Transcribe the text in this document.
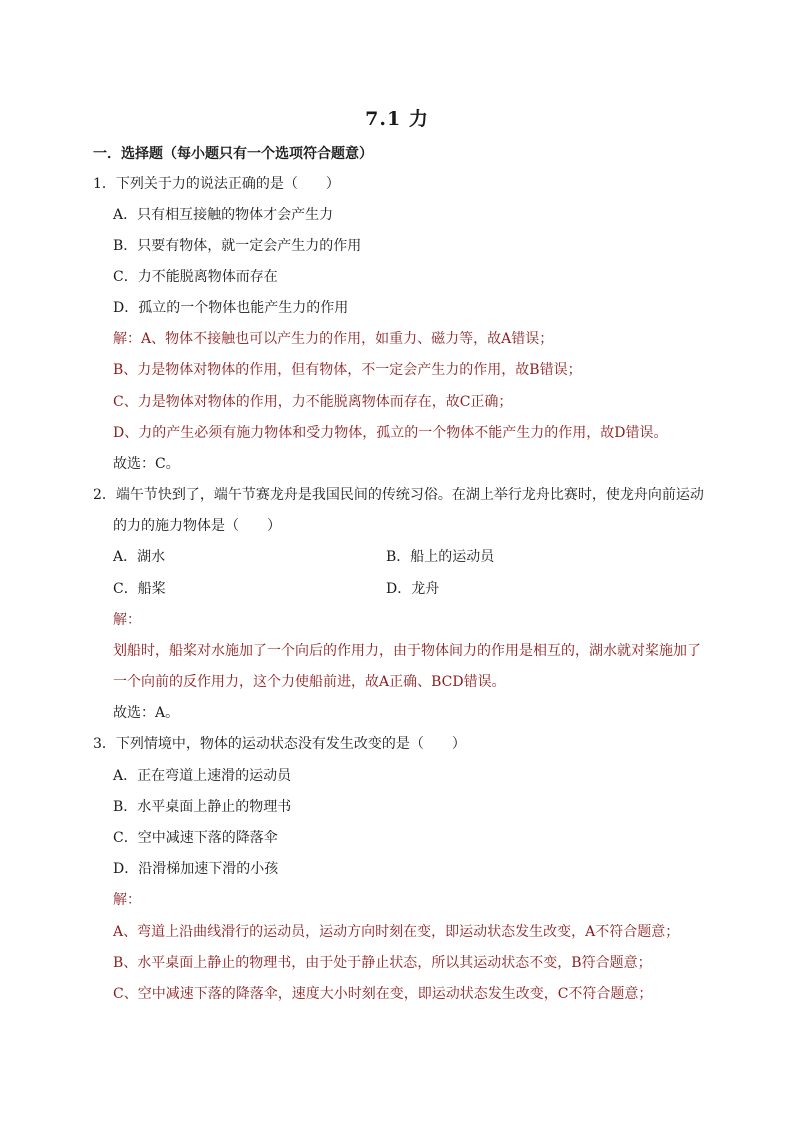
7.1 力
一．选择题（每小题只有一个选项符合题意）
1．下列关于力的说法正确的是（　　）
A．只有相互接触的物体才会产生力
B．只要有物体，就一定会产生力的作用
C．力不能脱离物体而存在
D．孤立的一个物体也能产生力的作用
解：A、物体不接触也可以产生力的作用，如重力、磁力等，故A错误；
B、力是物体对物体的作用，但有物体，不一定会产生力的作用，故B错误；
C、力是物体对物体的作用，力不能脱离物体而存在，故C正确；
D、力的产生必须有施力物体和受力物体，孤立的一个物体不能产生力的作用，故D错误。
故选：C。
2．端午节快到了，端午节赛龙舟是我国民间的传统习俗。在湖上举行龙舟比赛时，使龙舟向前运动
的力的施力物体是（　　）
A．湖水	B．船上的运动员
C．船桨	D．龙舟
解：
划船时，船桨对水施加了一个向后的作用力，由于物体间力的作用是相互的，湖水就对桨施加了
一个向前的反作用力，这个力使船前进，故A正确、BCD错误。
故选：A。
3．下列情境中，物体的运动状态没有发生改变的是（　　）
A．正在弯道上速滑的运动员
B．水平桌面上静止的物理书
C．空中减速下落的降落伞
D．沿滑梯加速下滑的小孩
解：
A、弯道上沿曲线滑行的运动员，运动方向时刻在变，即运动状态发生改变，A不符合题意；
B、水平桌面上静止的物理书，由于处于静止状态，所以其运动状态不变，B符合题意；
C、空中减速下落的降落伞，速度大小时刻在变，即运动状态发生改变，C不符合题意；
